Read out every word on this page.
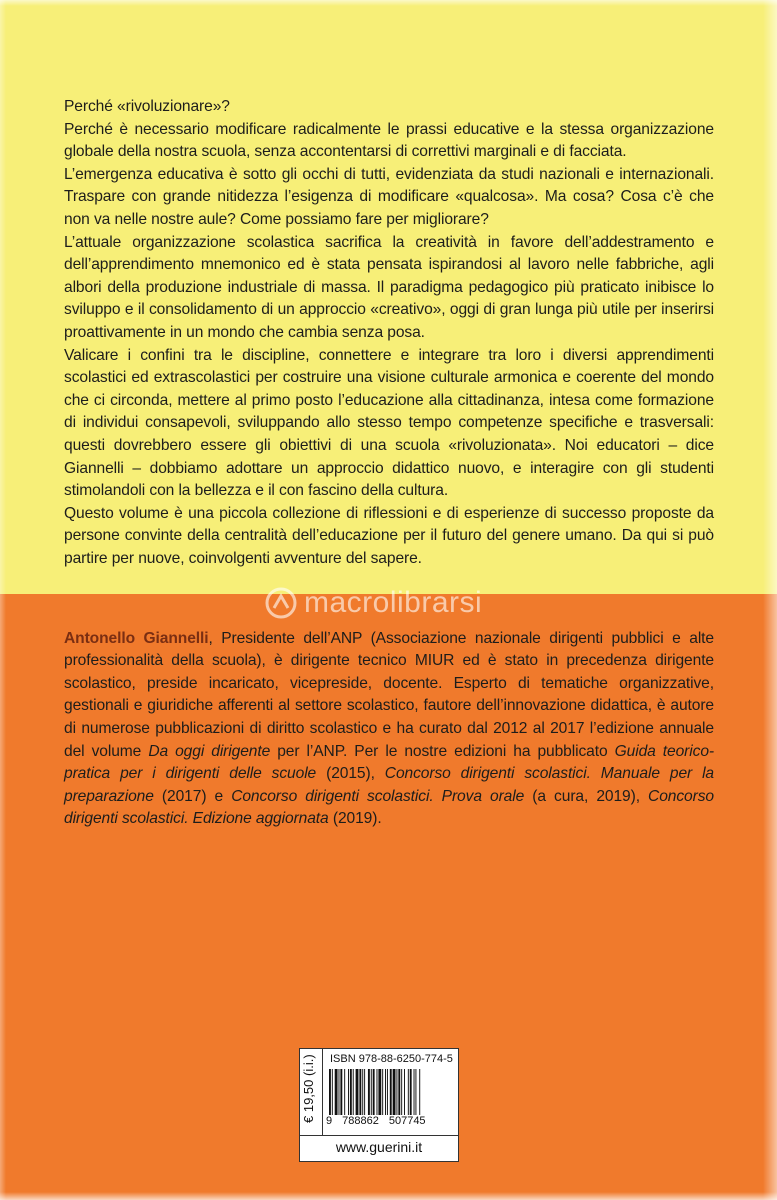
Perché «rivoluzionare»?

Perché è necessario modificare radicalmente le prassi educative e la stessa organizzazione globale della nostra scuola, senza accontentarsi di correttivi marginali e di facciata.

L’emergenza educativa è sotto gli occhi di tutti, evidenziata da studi nazionali e internazionali. Traspare con grande nitidezza l’esigenza di modificare «qualcosa». Ma cosa? Cosa c’è che non va nelle nostre aule? Come possiamo fare per migliorare?

L’attuale organizzazione scolastica sacrifica la creatività in favore dell’addestramento e dell’apprendimento mnemonico ed è stata pensata ispirandosi al lavoro nelle fabbriche, agli albori della produzione industriale di massa. Il paradigma pedagogico più praticato inibisce lo sviluppo e il consolidamento di un approccio «creativo», oggi di gran lunga più utile per inserirsi proattivamente in un mondo che cambia senza posa.

Valicare i confini tra le discipline, connettere e integrare tra loro i diversi apprendimenti scolastici ed extrascolastici per costruire una visione culturale armonica e coerente del mondo che ci circonda, mettere al primo posto l’educazione alla cittadinanza, intesa come formazione di individui consapevoli, sviluppando allo stesso tempo competenze specifiche e trasversali: questi dovrebbero essere gli obiettivi di una scuola «rivoluzionata». Noi educatori – dice Giannelli – dobbiamo adottare un approccio didattico nuovo, e interagire con gli studenti stimolandoli con la bellezza e il con fascino della cultura.

Questo volume è una piccola collezione di riflessioni e di esperienze di successo proposte da persone convinte della centralità dell’educazione per il futuro del genere umano. Da qui si può partire per nuove, coinvolgenti avventure del sapere.

macrolibrarsi

Antonello Giannelli, Presidente dell’ANP (Associazione nazionale dirigenti pubblici e alte professionalità della scuola), è dirigente tecnico MIUR ed è stato in precedenza dirigente scolastico, preside incaricato, vicepreside, docente. Esperto di tematiche organizzative, gestionali e giuridiche afferenti al settore scolastico, fautore dell’innovazione didattica, è autore di numerose pubblicazioni di diritto scolastico e ha curato dal 2012 al 2017 l’edizione annuale del volume Da oggi dirigente per l’ANP. Per le nostre edizioni ha pubblicato Guida teorico-pratica per i dirigenti delle scuole (2015), Concorso dirigenti scolastici. Manuale per la preparazione (2017) e Concorso dirigenti scolastici. Prova orale (a cura, 2019), Concorso dirigenti scolastici. Edizione aggiornata (2019).

€ 19,50 (i.i.)	ISBN 978-88-6250-774-5
9 788862 507745
www.guerini.it
